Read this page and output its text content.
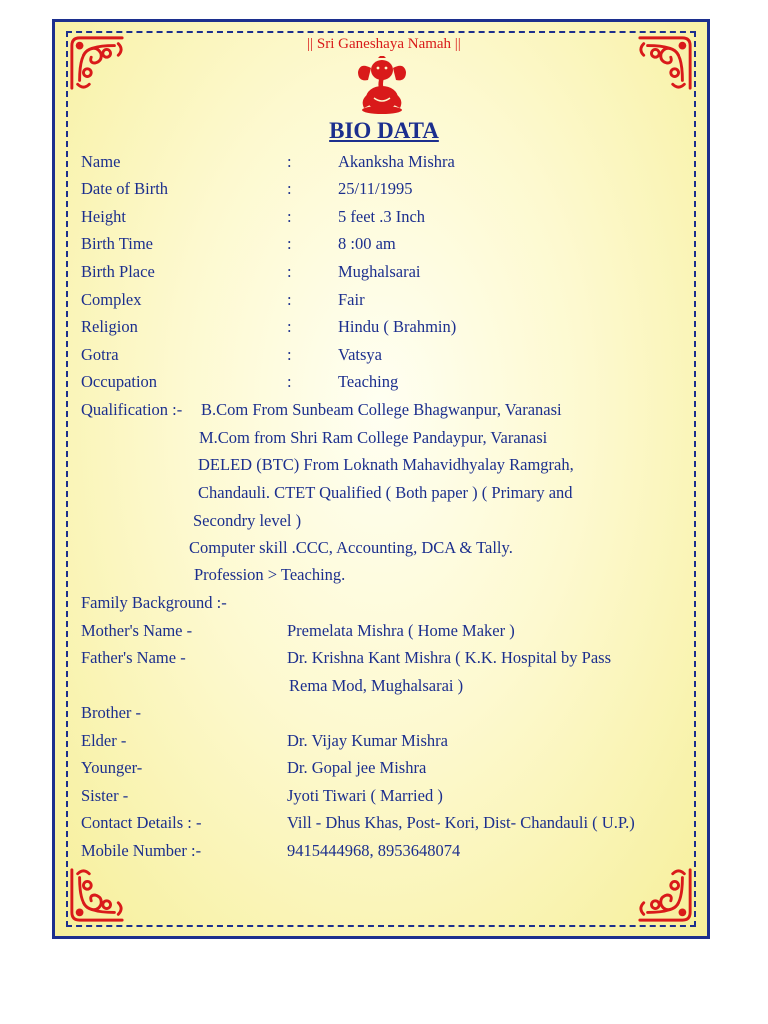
|| Sri Ganeshaya Namah ||
BIO DATA
Name	:	Akanksha Mishra
Date of Birth	:	25/11/1995
Height	:	5 feet .3 Inch
Birth Time	:	8 :00 am
Birth Place	:	Mughalsarai
Complex	:	Fair
Religion	:	Hindu ( Brahmin)
Gotra	:	Vatsya
Occupation	:	Teaching
Qualification :- B.Com From Sunbeam College Bhagwanpur, Varanasi
M.Com from Shri Ram College Pandaypur, Varanasi
DELED (BTC) From Loknath Mahavidhyalay Ramgrah,
Chandauli. CTET Qualified ( Both paper ) ( Primary and
Secondry level )
Computer skill .CCC, Accounting, DCA & Tally.
Profession > Teaching.
Family Background :-
Mother's Name -	Premelata Mishra ( Home Maker )
Father's Name -	Dr. Krishna Kant Mishra ( K.K. Hospital by Pass
Rema Mod, Mughalsarai )
Brother -
Elder -	Dr. Vijay Kumar Mishra
Younger-	Dr. Gopal jee Mishra
Sister -	Jyoti Tiwari ( Married )
Contact Details : -	Vill - Dhus Khas, Post- Kori, Dist- Chandauli ( U.P.)
Mobile Number :-	9415444968, 8953648074
